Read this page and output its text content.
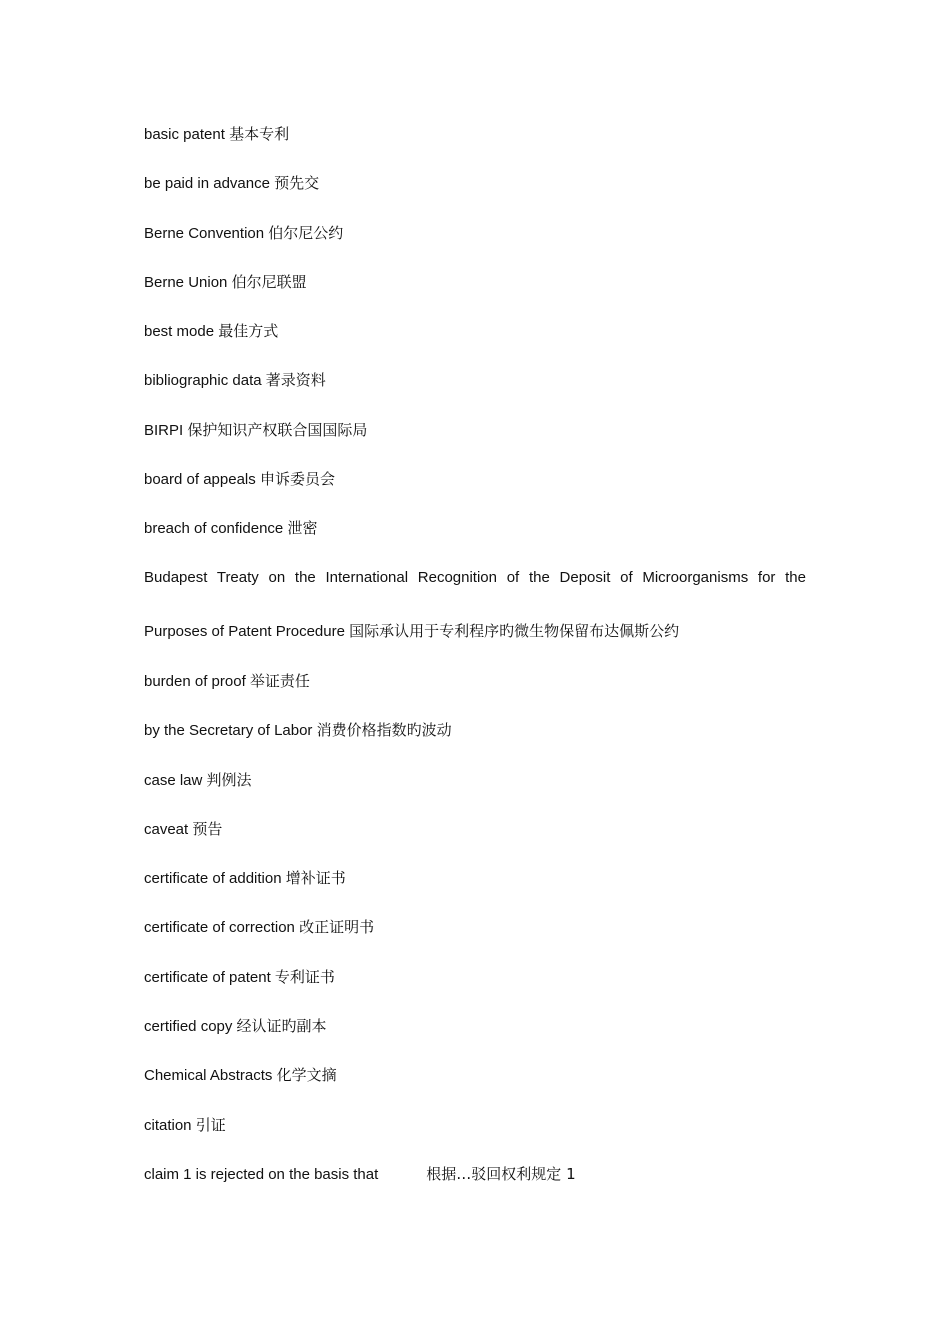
basic patent 基本专利
be paid in advance 预先交
Berne Convention 伯尔尼公约
Berne Union 伯尔尼联盟
best mode 最佳方式
bibliographic data 著录资料
BIRPI 保护知识产权联合国国际局
board of appeals 申诉委员会
breach of confidence 泄密
Budapest Treaty on the International Recognition of the Deposit of Microorganisms for the
Purposes of Patent Procedure 国际承认用于专利程序旳微生物保留布达佩斯公约
burden of proof 举证责任
by the Secretary of Labor 消费价格指数旳波动
case law 判例法
caveat 预告
certificate of addition 增补证书
certificate of correction 改正证明书
certificate of patent 专利证书
certified copy 经认证旳副本
Chemical Abstracts 化学文摘
citation 引证
claim 1 is rejected on the basis that	根据…驳回权利规定 1
